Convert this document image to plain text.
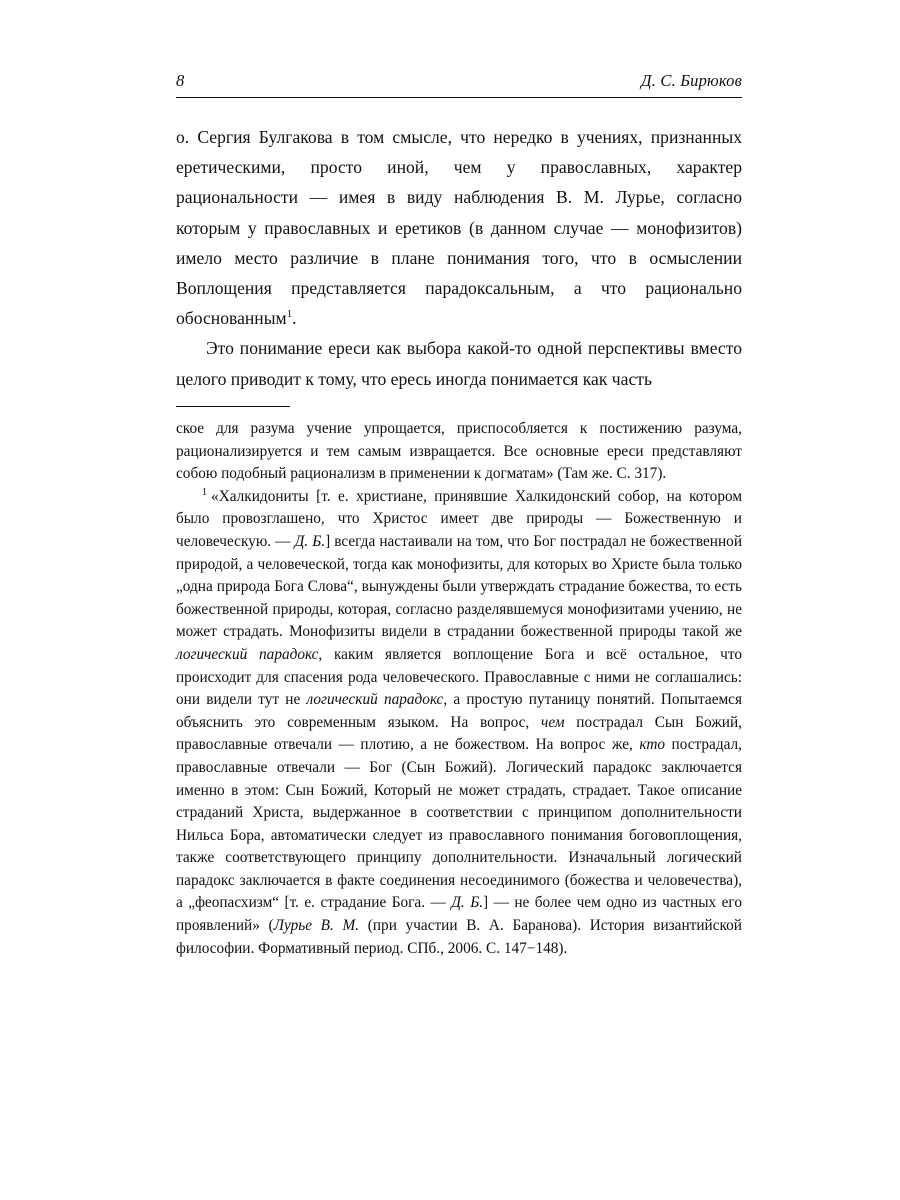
8	Д. С. Бирюков

о. Сергия Булгакова в том смысле, что нередко в учениях, признанных еретическими, просто иной, чем у православных, характер рациональности — имея в виду наблюдения В. М. Лурье, согласно которым у православных и еретиков (в данном случае — монофизитов) имело место различие в плане понимания того, что в осмыслении Воплощения представляется парадоксальным, а что рационально обоснованным$^1$.

Это понимание ереси как выбора какой-то одной перспективы вместо целого приводит к тому, что ересь иногда понимается как часть

ское для разума учение упрощается, приспособляется к постижению разума, рационализируется и тем самым извращается. Все основные ереси представляют собою подобный рационализм в применении к догматам» (Там же. С. 317).

$^1$ «Халкидониты [т. е. христиане, принявшие Халкидонский собор, на котором было провозглашено, что Христос имеет две природы — Божественную и человеческую. — Д. Б.] всегда настаивали на том, что Бог пострадал не божественной природой, а человеческой, тогда как монофизиты, для которых во Христе была только „одна природа Бога Слова“, вынуждены были утверждать страдание божества, то есть божественной природы, которая, согласно разделявшемуся монофизитами учению, не может страдать. Монофизиты видели в страдании божественной природы такой же логический парадокс, каким является воплощение Бога и всё остальное, что происходит для спасения рода человеческого. Православные с ними не соглашались: они видели тут не логический парадокс, а простую путаницу понятий. Попытаемся объяснить это современным языком. На вопрос, чем пострадал Сын Божий, православные отвечали — плотию, а не божеством. На вопрос же, кто пострадал, православные отвечали — Бог (Сын Божий). Логический парадокс заключается именно в этом: Сын Божий, Который не может страдать, страдает. Такое описание страданий Христа, выдержанное в соответствии с принципом дополнительности Нильса Бора, автоматически следует из православного понимания боговоплощения, также соответствующего принципу дополнительности. Изначальный логический парадокс заключается в факте соединения несоединимого (божества и человечества), а „феопасхизм“ [т. е. страдание Бога. — Д. Б.] — не более чем одно из частных его проявлений» (Лурье В. М. (при участии В. А. Баранова). История византийской философии. Формативный период. СПб., 2006. С. 147−148).
